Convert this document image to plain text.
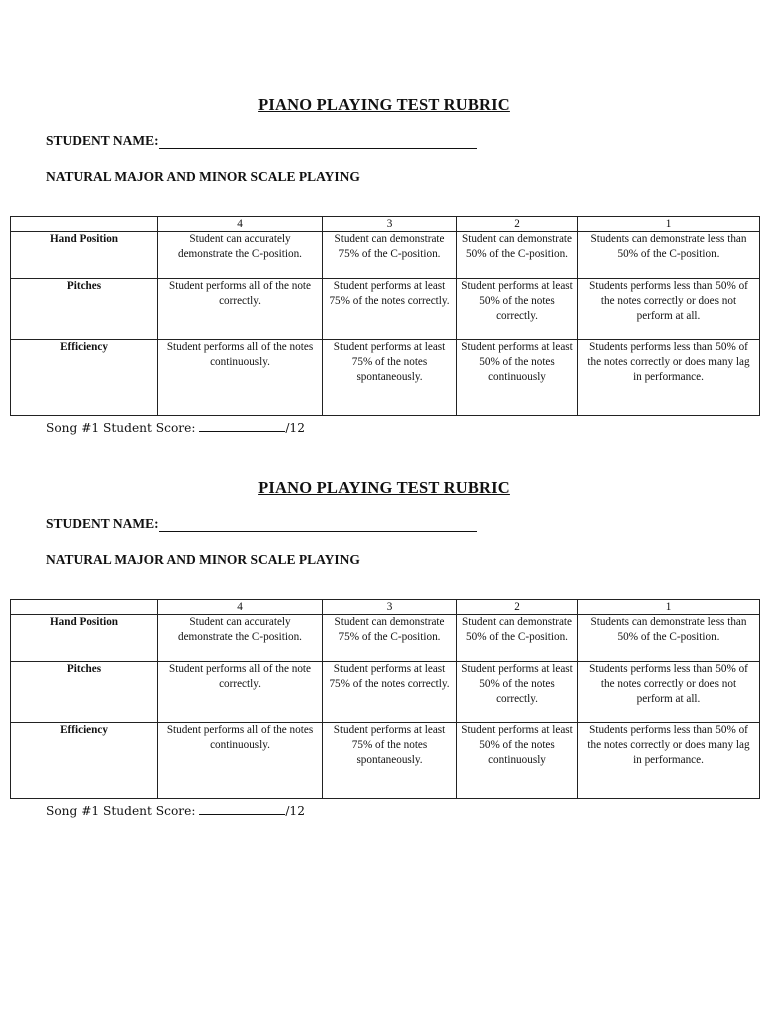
PIANO PLAYING TEST RUBRIC
STUDENT NAME:
NATURAL MAJOR AND MINOR SCALE PLAYING
	4	3	2	1
Hand Position	Student can accurately demonstrate the C-position.	Student can demonstrate 75% of the C-position.	Student can demonstrate 50% of the C-position.	Students can demonstrate less than 50% of the C-position.
Pitches	Student performs all of the note correctly.	Student performs at least 75% of the notes correctly.	Student performs at least 50% of the notes correctly.	Students performs less than 50% of the notes correctly or does not perform at all.
Efficiency	Student performs all of the notes continuously.	Student performs at least 75% of the notes spontaneously.	Student performs at least 50% of the notes continuously	Students performs less than 50% of the notes correctly or does many lag in performance.
Song #1 Student Score:	/12
PIANO PLAYING TEST RUBRIC
STUDENT NAME:
NATURAL MAJOR AND MINOR SCALE PLAYING
	4	3	2	1
Hand Position	Student can accurately demonstrate the C-position.	Student can demonstrate 75% of the C-position.	Student can demonstrate 50% of the C-position.	Students can demonstrate less than 50% of the C-position.
Pitches	Student performs all of the note correctly.	Student performs at least 75% of the notes correctly.	Student performs at least 50% of the notes correctly.	Students performs less than 50% of the notes correctly or does not perform at all.
Efficiency	Student performs all of the notes continuously.	Student performs at least 75% of the notes spontaneously.	Student performs at least 50% of the notes continuously	Students performs less than 50% of the notes correctly or does many lag in performance.
Song #1 Student Score:	/12
